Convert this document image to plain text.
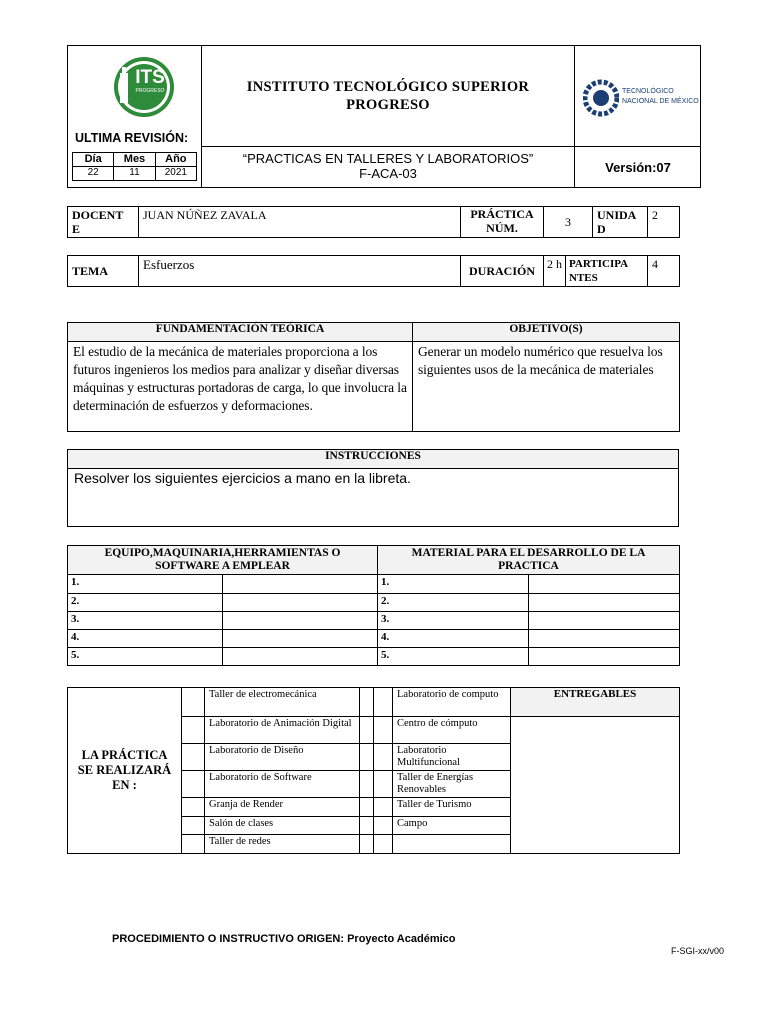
ITS
PROGRESO
ULTIMA REVISIÓN:
Día	Mes	Año
22	11	2021
INSTITUTO TECNOLÓGICO SUPERIOR PROGRESO
TECNOLÓGICO
NACIONAL DE MÉXICO
“PRACTICAS EN TALLERES Y LABORATORIOS”
F-ACA-03	Versión:07
DOCENT E	JUAN NÚÑEZ ZAVALA	PRÁCTICA NÚM.	3	UNIDA D	2
TEMA	Esfuerzos	DURACIÓN	2 h	PARTICIPA NTES	4
FUNDAMENTACIÓN TEÓRICA	OBJETIVO(S)
El estudio de la mecánica de materiales proporciona a los futuros ingenieros los medios para analizar y diseñar diversas máquinas y estructuras portadoras de carga, lo que involucra la determinación de esfuerzos y deformaciones.	Generar un modelo numérico que resuelva los siguientes usos de la mecánica de materiales
INSTRUCCIONES
Resolver los siguientes ejercicios a mano en la libreta.
EQUIPO,MAQUINARIA,HERRAMIENTAS O SOFTWARE A EMPLEAR		MATERIAL PARA EL DESARROLLO DE LA PRACTICA	
1.		1.	
2.		2.	
3.		3.	
4.		4.	
5.		5.	
LA PRÁCTICA SE REALIZARÁ EN :		Taller de electromecánica			Laboratorio de computo	ENTREGABLES
		Laboratorio de Animación Digital			Centro de cómputo	
		Laboratorio de Diseño			Laboratorio Multifuncional	
		Laboratorio de Software			Taller de Energías Renovables	
		Granja de Render			Taller de Turismo	
		Salón de clases			Campo	
		Taller de redes				
PROCEDIMIENTO O INSTRUCTIVO ORIGEN: Proyecto Académico
F-SGI-xx/v00
